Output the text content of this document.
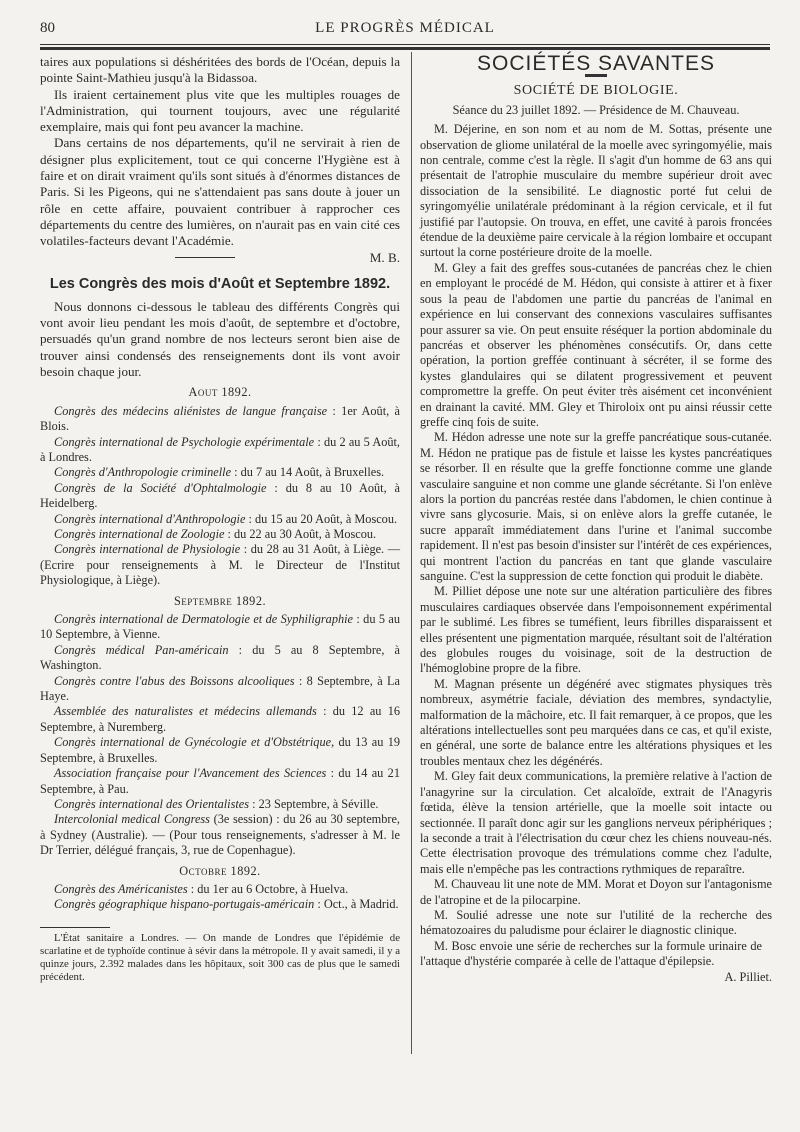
80	LE PROGRÈS MÉDICAL

taires aux populations si déshéritées des bords de l'Océan, depuis la pointe Saint-Mathieu jusqu'à la Bidassoa.

Ils iraient certainement plus vite que les multiples rouages de l'Administration, qui tournent toujours, avec une régularité exemplaire, mais qui font peu avancer la machine.

Dans certains de nos départements, qu'il ne servirait à rien de désigner plus explicitement, tout ce qui concerne l'Hygiène est à faire et on dirait vraiment qu'ils sont situés à d'énormes distances de Paris. Si les Pigeons, qui ne s'attendaient pas sans doute à jouer un rôle en cette affaire, pouvaient contribuer à rapprocher ces départements du centre des lumières, on n'aurait pas en vain cité ces volatiles-facteurs devant l'Académie.

M. B.
Les Congrès des mois d'Août et Septembre 1892.

Nous donnons ci-dessous le tableau des différents Congrès qui vont avoir lieu pendant les mois d'août, de septembre et d'octobre, persuadés qu'un grand nombre de nos lecteurs seront bien aise de trouver ainsi condensés des renseignements dont ils vont avoir besoin chaque jour.

Aout 1892.

Congrès des médecins aliénistes de langue française : 1er Août, à Blois.

Congrès international de Psychologie expérimentale : du 2 au 5 Août, à Londres.

Congrès d'Anthropologie criminelle : du 7 au 14 Août, à Bruxelles.

Congrès de la Société d'Ophtalmologie : du 8 au 10 Août, à Heidelberg.

Congrès international d'Anthropologie : du 15 au 20 Août, à Moscou.

Congrès international de Zoologie : du 22 au 30 Août, à Moscou.

Congrès international de Physiologie : du 28 au 31 Août, à Liège. — (Ecrire pour renseignements à M. le Directeur de l'Institut Physiologique, à Liège).

Septembre 1892.

Congrès international de Dermatologie et de Syphiligraphie : du 5 au 10 Septembre, à Vienne.

Congrès médical Pan-américain : du 5 au 8 Septembre, à Washington.

Congrès contre l'abus des Boissons alcooliques : 8 Septembre, à La Haye.

Assemblée des naturalistes et médecins allemands : du 12 au 16 Septembre, à Nuremberg.

Congrès international de Gynécologie et d'Obstétrique, du 13 au 19 Septembre, à Bruxelles.

Association française pour l'Avancement des Sciences : du 14 au 21 Septembre, à Pau.

Congrès international des Orientalistes : 23 Septembre, à Séville.

Intercolonial medical Congress (3e session) : du 26 au 30 septembre, à Sydney (Australie). — (Pour tous renseignements, s'adresser à M. le Dr Terrier, délégué français, 3, rue de Copenhague).

Octobre 1892.

Congrès des Américanistes : du 1er au 6 Octobre, à Huelva.

Congrès géographique hispano-portugais-américain : Oct., à Madrid.

L'État sanitaire a Londres. — On mande de Londres que l'épidémie de scarlatine et de typhoïde continue à sévir dans la métropole. Il y avait samedi, il y a quinze jours, 2.392 malades dans les hôpitaux, soit 300 cas de plus que le samedi précédent.

SOCIÉTÉS SAVANTES
SOCIÉTÉ DE BIOLOGIE.
Séance du 23 juillet 1892. — Présidence de M. Chauveau.

M. Déjerine, en son nom et au nom de M. Sottas, présente une observation de gliome unilatéral de la moelle avec syringomyélie, mais non centrale, comme c'est la règle. Il s'agit d'un homme de 63 ans qui présentait de l'atrophie musculaire du membre supérieur droit avec dissociation de la sensibilité. Le diagnostic porté fut celui de syringomyélie unilatérale prédominant à la région cervicale, et il fut justifié par l'autopsie. On trouva, en effet, une cavité à parois froncées étendue de la deuxième paire cervicale à la région lombaire et occupant surtout la corne postérieure droite de la moelle.

M. Gley a fait des greffes sous-cutanées de pancréas chez le chien en employant le procédé de M. Hédon, qui consiste à attirer et à fixer sous la peau de l'abdomen une partie du pancréas de l'animal en expérience en lui conservant des connexions vasculaires suffisantes pour assurer sa vie. On peut ensuite réséquer la portion abdominale du pancréas et observer les phénomènes consécutifs. Or, dans cette opération, la portion greffée continuant à sécréter, il se forme des kystes glandulaires qui se dilatent progressivement et peuvent compromettre la greffe. On peut éviter très aisément cet inconvénient en drainant la cavité. MM. Gley et Thiroloix ont pu ainsi réussir cette greffe cinq fois de suite.

M. Hédon adresse une note sur la greffe pancréatique sous-cutanée. M. Hédon ne pratique pas de fistule et laisse les kystes pancréatiques se résorber. Il en résulte que la greffe fonctionne comme une glande vasculaire sanguine et non comme une glande sécrétante. Si l'on enlève alors la portion du pancréas restée dans l'abdomen, le chien continue à vivre sans glycosurie. Mais, si on enlève alors la greffe cutanée, le sucre apparaît immédiatement dans l'urine et l'animal succombe rapidement. Il n'est pas besoin d'insister sur l'intérêt de ces expériences, qui montrent l'action du pancréas en tant que glande vasculaire sanguine. C'est la suppression de cette fonction qui produit le diabète.

M. Pilliet dépose une note sur une altération particulière des fibres musculaires cardiaques observée dans l'empoisonnement expérimental par le sublimé. Les fibres se tuméfient, leurs fibrilles disparaissent et elles présentent une pigmentation marquée, résultant soit de l'altération des globules rouges du voisinage, soit de la destruction de l'hémoglobine propre de la fibre.

M. Magnan présente un dégénéré avec stigmates physiques très nombreux, asymétrie faciale, déviation des membres, syndactylie, malformation de la mâchoire, etc. Il fait remarquer, à ce propos, que les altérations intellectuelles sont peu marquées dans ce cas, et qu'il existe, en général, une sorte de balance entre les altérations physiques et les troubles mentaux chez les dégénérés.

M. Gley fait deux communications, la première relative à l'action de l'anagyrine sur la circulation. Cet alcaloïde, extrait de l'Anagyris fœtida, élève la tension artérielle, que la moelle soit intacte ou sectionnée. Il paraît donc agir sur les ganglions nerveux périphériques ; la seconde a trait à l'électrisation du cœur chez les chiens nouveau-nés. Cette électrisation provoque des trémulations comme chez l'adulte, mais elle n'empêche pas les contractions rythmiques de reparaître.

M. Chauveau lit une note de MM. Morat et Doyon sur l'antagonisme de l'atropine et de la pilocarpine.

M. Soulié adresse une note sur l'utilité de la recherche des hématozoaires du paludisme pour éclairer le diagnostic clinique.

M. Bosc envoie une série de recherches sur la formule urinaire de l'attaque d'hystérie comparée à celle de l'attaque d'épilepsie.

A. Pilliet.
